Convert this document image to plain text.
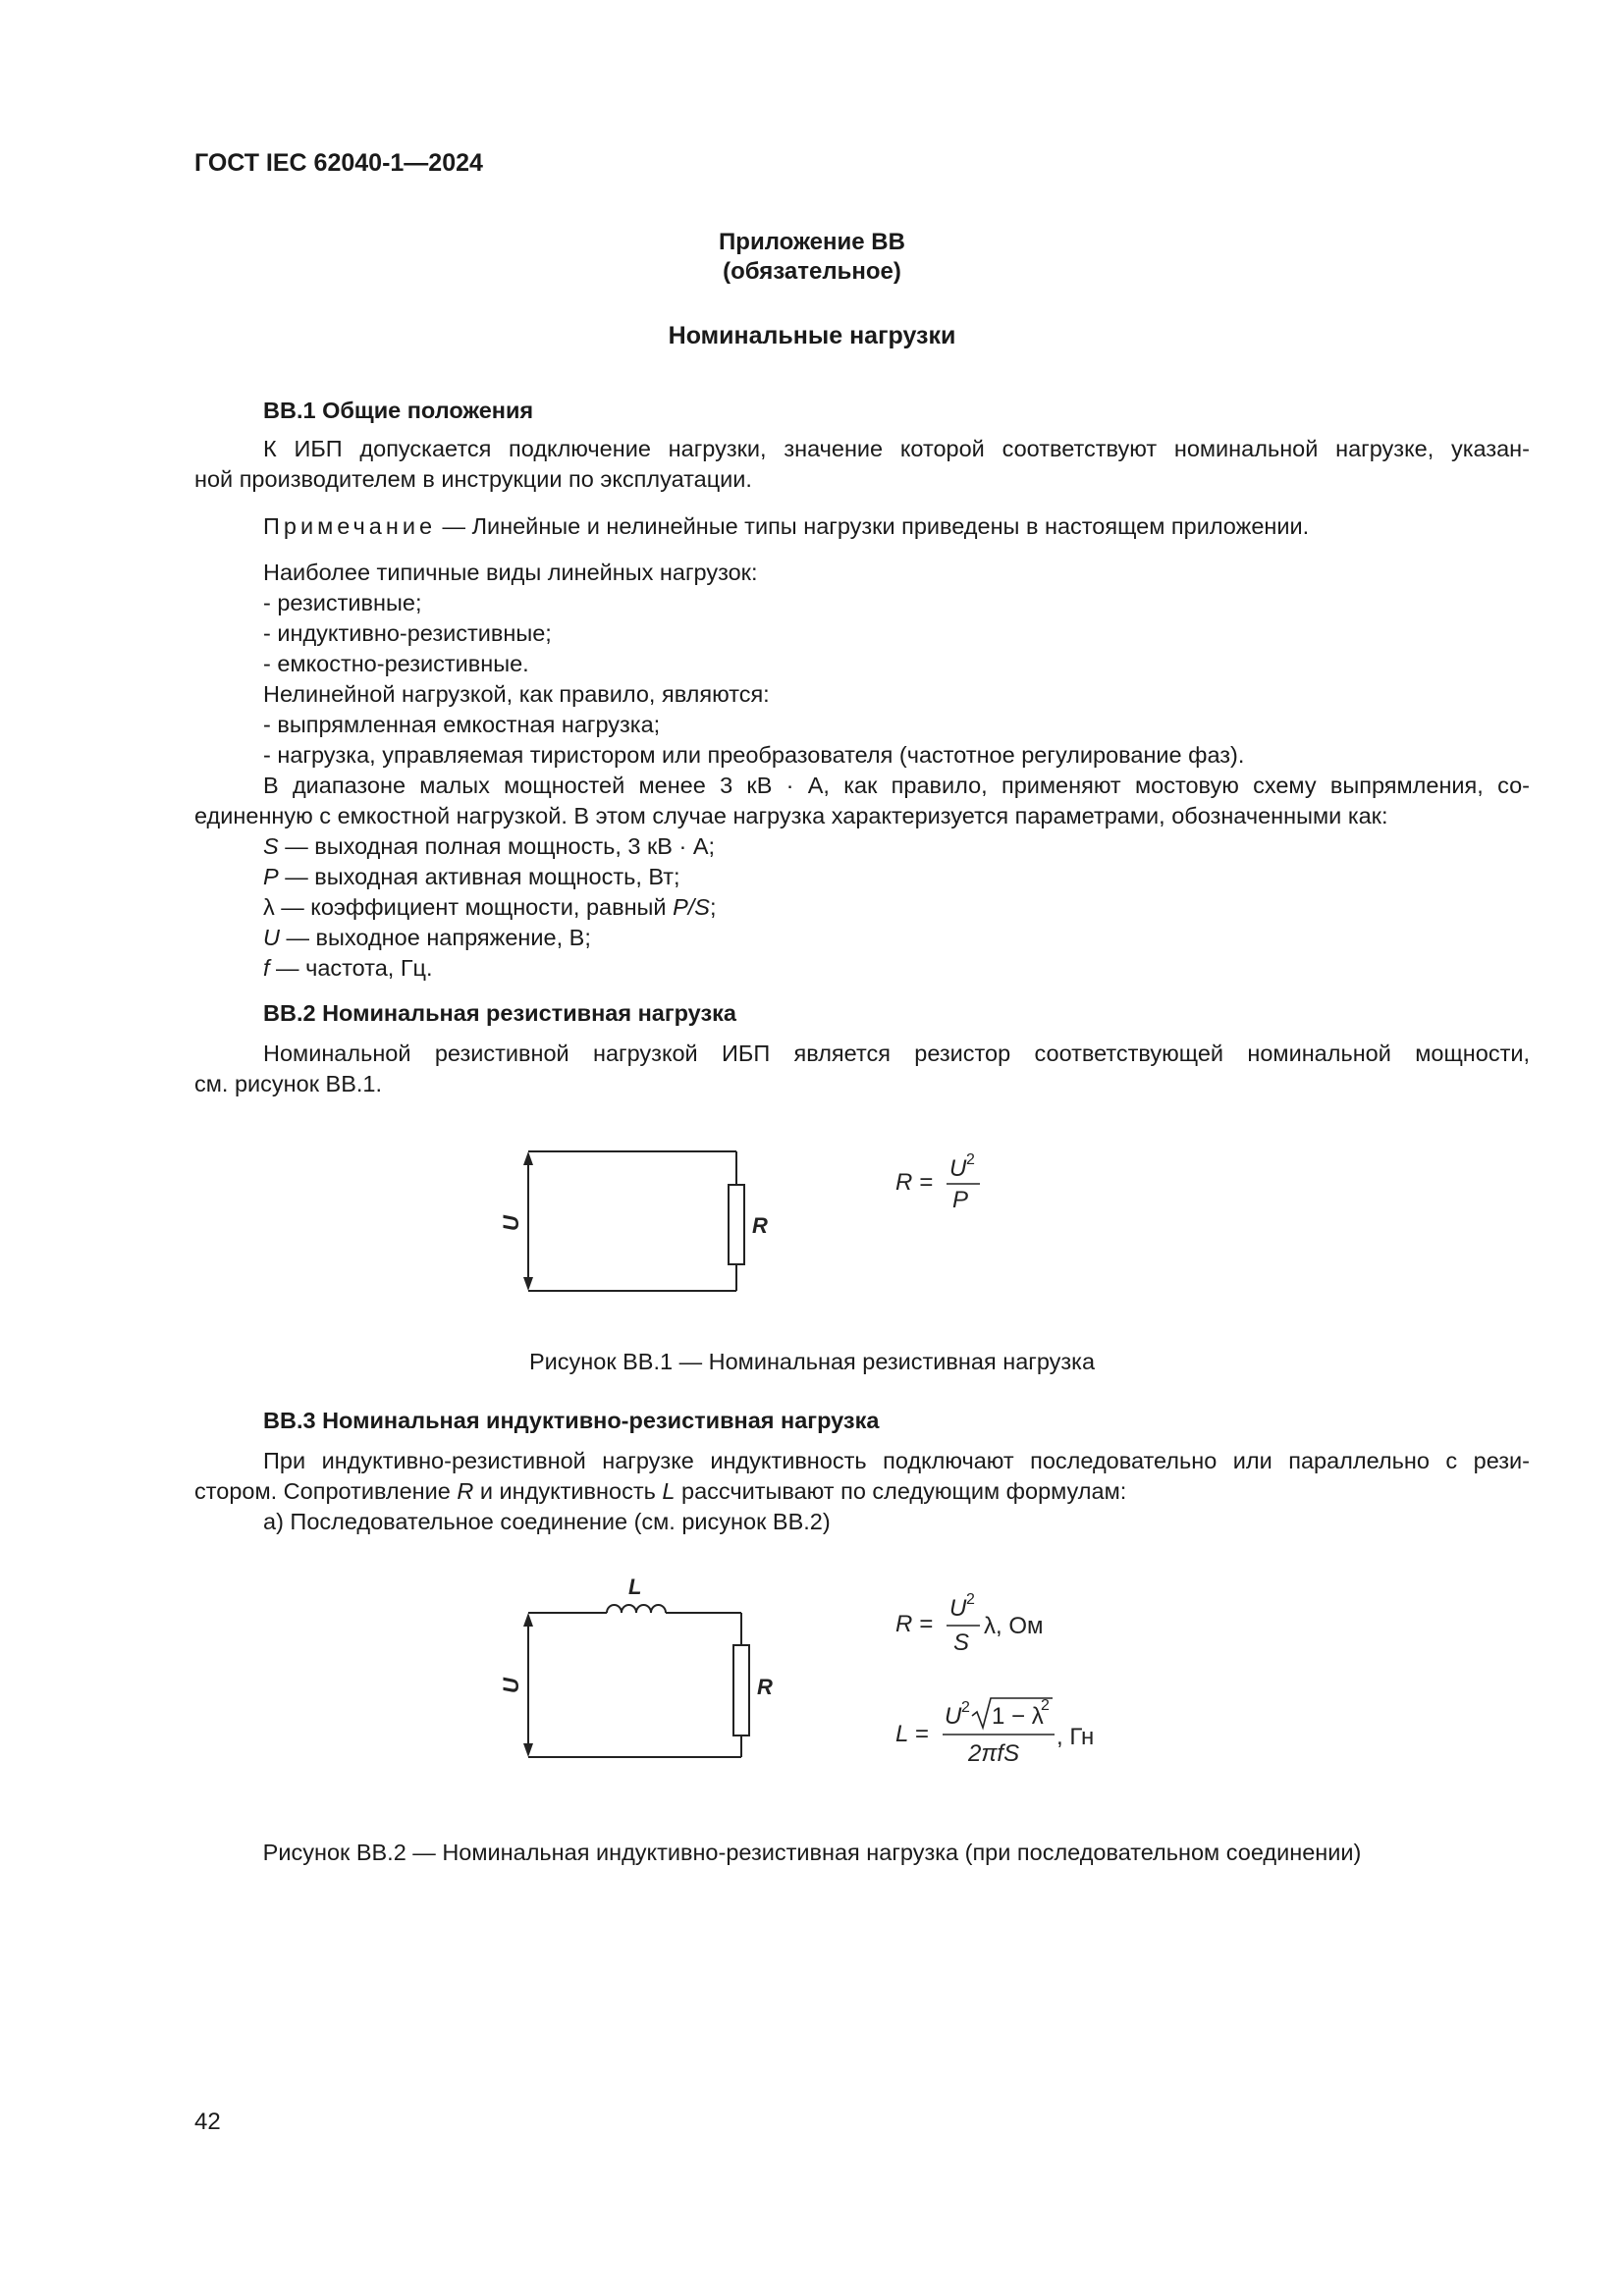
ГОСТ IEC 62040-1—2024
Приложение ВВ
(обязательное)
Номинальные нагрузки
ВВ.1 Общие положения
К ИБП допускается подключение нагрузки, значение которой соответствуют номинальной нагрузке, указан-
ной производителем в инструкции по эксплуатации.
Примечание — Линейные и нелинейные типы нагрузки приведены в настоящем приложении.
Наиболее типичные виды линейных нагрузок:
- резистивные;
- индуктивно-резистивные;
- емкостно-резистивные.
Нелинейной нагрузкой, как правило, являются:
- выпрямленная емкостная нагрузка;
- нагрузка, управляемая тиристором или преобразователя (частотное регулирование фаз).
В диапазоне малых мощностей менее 3 кВ · А, как правило, применяют мостовую схему выпрямления, со-
единенную с емкостной нагрузкой. В этом случае нагрузка характеризуется параметрами, обозначенными как:
S — выходная полная мощность, 3 кВ · А;
P — выходная активная мощность, Вт;
λ — коэффициент мощности, равный P/S;
U — выходное напряжение, В;
f — частота, Гц.
ВВ.2 Номинальная резистивная нагрузка
Номинальной резистивной нагрузкой ИБП является резистор соответствующей номинальной мощности,
см. рисунок ВВ.1.
U	R
R =
U 2
P
Рисунок ВВ.1 — Номинальная резистивная нагрузка
ВВ.3 Номинальная индуктивно-резистивная нагрузка
При индуктивно-резистивной нагрузке индуктивность подключают последовательно или параллельно с рези-
стором. Сопротивление R и индуктивность L рассчитывают по следующим формулам:
а) Последовательное соединение (см. рисунок ВВ.2)
U	R
L
R =
U 2
S
λ, Ом
L =
U 2 1 − λ
2
2πfS
, Гн
Рисунок ВВ.2 — Номинальная индуктивно-резистивная нагрузка (при последовательном соединении)
42
